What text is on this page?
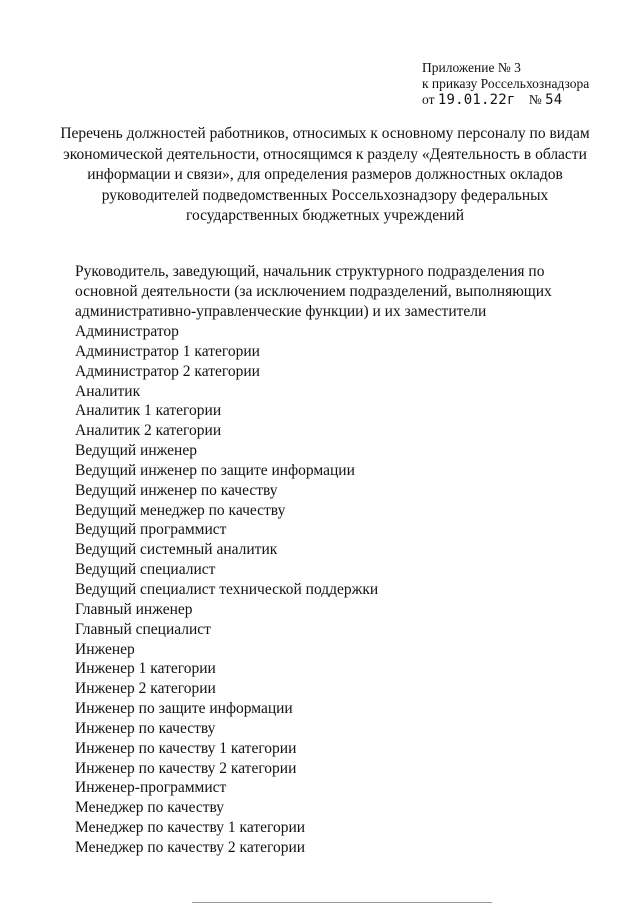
Приложение № 3
к приказу Россельхознадзора
от 19.01.22г № 54
Перечень должностей работников, относимых к основному персоналу по видам экономической деятельности, относящимся к разделу «Деятельность в области информации и связи», для определения размеров должностных окладов руководителей подведомственных Россельхознадзору федеральных государственных бюджетных учреждений
Руководитель, заведующий, начальник структурного подразделения по основной деятельности (за исключением подразделений, выполняющих административно-управленческие функции) и их заместители
Администратор
Администратор 1 категории
Администратор 2 категории
Аналитик
Аналитик 1 категории
Аналитик 2 категории
Ведущий инженер
Ведущий инженер по защите информации
Ведущий инженер по качеству
Ведущий менеджер по качеству
Ведущий программист
Ведущий системный аналитик
Ведущий специалист
Ведущий специалист технической поддержки
Главный инженер
Главный специалист
Инженер
Инженер 1 категории
Инженер 2 категории
Инженер по защите информации
Инженер по качеству
Инженер по качеству 1 категории
Инженер по качеству 2 категории
Инженер-программист
Менеджер по качеству
Менеджер по качеству 1 категории
Менеджер по качеству 2 категории
